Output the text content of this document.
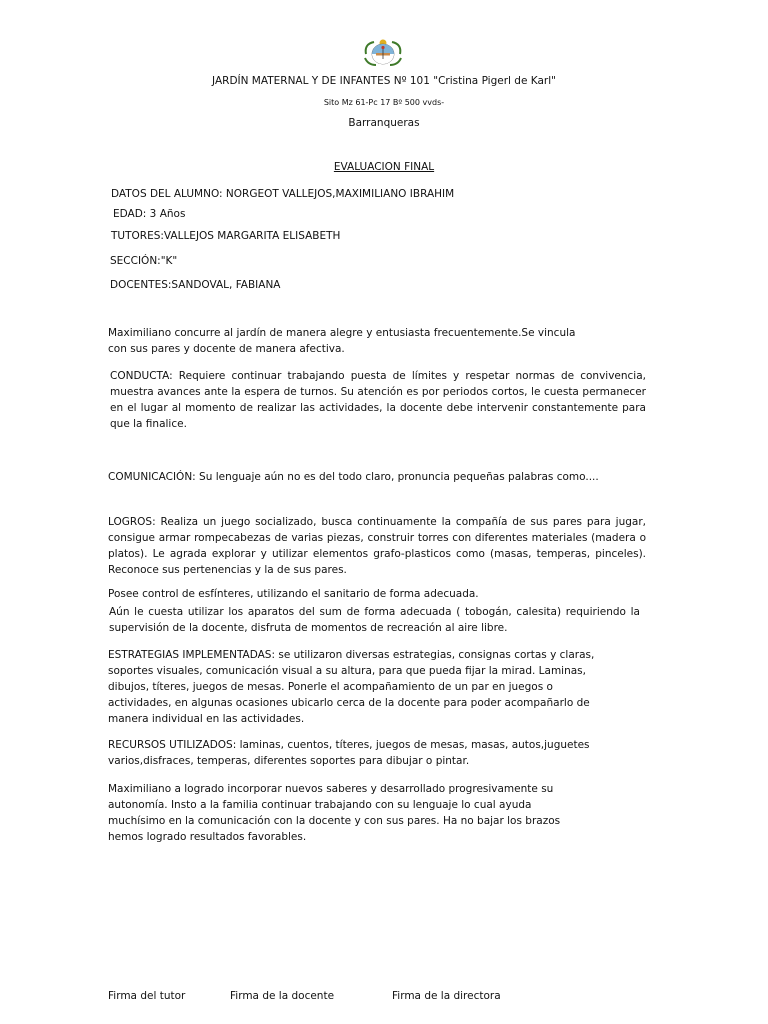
JARDÍN MATERNAL Y DE INFANTES Nº 101 "Cristina Pigerl de Karl"
Sito Mz 61-Pc 17 Bº 500 vvds-
Barranqueras
EVALUACION FINAL
DATOS DEL ALUMNO: NORGEOT VALLEJOS,MAXIMILIANO IBRAHIM
EDAD: 3 Años
TUTORES:VALLEJOS MARGARITA ELISABETH
SECCIÓN:"K"
DOCENTES:SANDOVAL, FABIANA
Maximiliano concurre al jardín de manera alegre y entusiasta frecuentemente.Se vincula
con sus pares y docente de manera afectiva.

CONDUCTA: Requiere continuar trabajando puesta de límites y respetar normas de convivencia, muestra avances ante la espera de turnos. Su atención es por periodos cortos, le cuesta permanecer en el lugar al momento de realizar las actividades, la docente debe intervenir constantemente para que la finalice.

COMUNICACIÓN: Su lenguaje aún no es del todo claro, pronuncia pequeñas palabras como....

LOGROS: Realiza un juego socializado, busca continuamente la compañía de sus pares para jugar, consigue armar rompecabezas de varias piezas, construir torres con diferentes materiales (madera o platos). Le agrada explorar y utilizar elementos grafo-plasticos como (masas, temperas, pinceles). Reconoce sus pertenencias y la de sus pares.

Posee control de esfínteres, utilizando el sanitario de forma adecuada.

Aún le cuesta utilizar los aparatos del sum de forma adecuada ( tobogán, calesita) requiriendo la supervisión de la docente, disfruta de momentos de recreación al aire libre.

ESTRATEGIAS IMPLEMENTADAS: se utilizaron diversas estrategias, consignas cortas y claras,
soportes visuales, comunicación visual a su altura, para que pueda fijar la mirad. Laminas,
dibujos, títeres, juegos de mesas. Ponerle el acompañamiento de un par en juegos o
actividades, en algunas ocasiones ubicarlo cerca de la docente para poder acompañarlo de
manera individual en las actividades.
RECURSOS UTILIZADOS: laminas, cuentos, títeres, juegos de mesas, masas, autos,juguetes
varios,disfraces, temperas, diferentes soportes para dibujar o pintar.
Maximiliano a logrado incorporar nuevos saberes y desarrollado progresivamente su
autonomía. Insto a la familia continuar trabajando con su lenguaje lo cual ayuda
muchísimo en la comunicación con la docente y con sus pares. Ha no bajar los brazos
hemos logrado resultados favorables.
Firma del tutor	Firma de la docente	Firma de la directora
